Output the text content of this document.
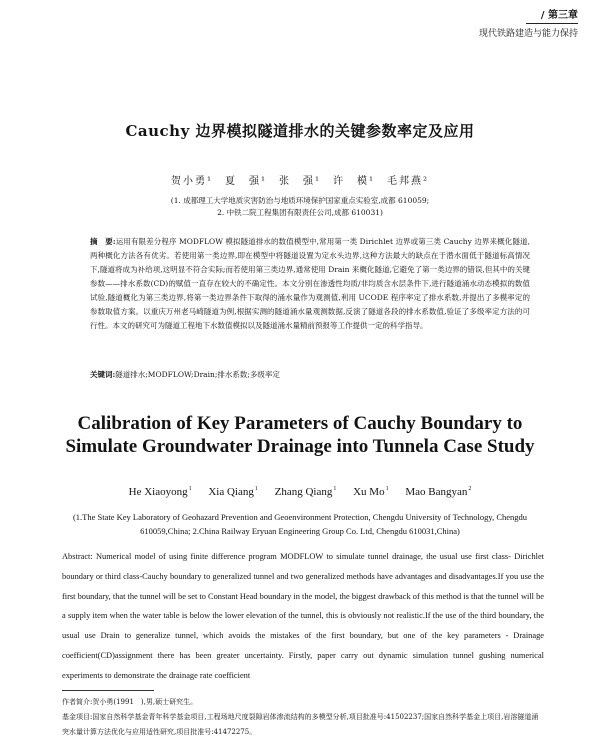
/ 第三章
现代铁路建造与能力保持
Cauchy 边界模拟隧道排水的关键参数率定及应用
贺小勇¹　夏　强¹　张　强¹　许　模¹　毛邦燕²
(1. 成都理工大学地质灾害防治与地质环境保护国家重点实验室,成都 610059;
2. 中铁二院工程集团有限责任公司,成都 610031)
摘　要:运用有限差分程序 MODFLOW 模拟隧道排水的数值模型中,常用第一类 Dirichlet 边界或第三类 Cauchy 边界来概化隧道,两种概化方法各有优劣。若使用第一类边界,即在模型中将隧道设置为定水头边界,这种方法最大的缺点在于潜水面低于隧道标高情况下,隧道将成为补给项,这明显不符合实际;而若使用第三类边界,通常使用 Drain 来概化隧道,它避免了第一类边界的错误,但其中的关键参数——排水系数(CD)的赋值一直存在较大的不确定性。本文分别在渗透性均质/非均质含水层条件下,进行隧道涌水动态模拟的数值试验,隧道概化为第三类边界,将第一类边界条件下取得的涌水量作为观测值,利用 UCODE 程序率定了排水系数,并提出了多模率定的参数取值方案。以重庆万州老马崎隧道为例,根据实测的隧道涌水量观测数据,反演了隧道各段的排水系数值,验证了多级率定方法的可行性。本文的研究可为隧道工程地下水数值模拟以及隧道涌水量精前预报等工作提供一定的科学指导。
关键词:隧道排水;MODFLOW;Drain;排水系数;多级率定
Calibration of Key Parameters of Cauchy Boundary to
Simulate Groundwater Drainage into Tunnela Case Study
He Xiaoyong$^1$ Xia Qiang$^1$ Zhang Qiang$^1$ Xu Mo$^1$ Mao Bangyan$^2$
(1.The State Key Laboratory of Geohazard Prevention and Geoenvironment Protection, Chengdu University of Technology, Chengdu
610059,China; 2.China Railway Eryuan Engineering Group Co. Ltd, Chengdu 610031,China)
Abstract: Numerical model of using finite difference program MODFLOW to simulate tunnel drainage, the usual use first class- Dirichlet boundary or third class-Cauchy boundary to generalized tunnel and two generalized methods have advantages and disadvantages.If you use the first boundary, that the tunnel will be set to Constant Head boundary in the model, the biggest drawback of this method is that the tunnel will be a supply item when the water table is below the lower elevation of the tunnel, this is obviously not realistic.If the use of the third boundary, the usual use Drain to generalize tunnel, which avoids the mistakes of the first boundary, but one of the key parameters - Drainage coefficient(CD)assignment there has been greater uncertainty. Firstly, paper carry out dynamic simulation tunnel gushing numerical experiments to demonstrate the drainage rate coefficient
作者简介:贺小勇(1991　),男,硕士研究生。
基金项目:国家自然科学基金青年科学基金项目,工程场地尺度裂隙岩体渗流结构的多模型分析,项目批准号:41502237;国家自然科学基金上项目,岩溶隧道涌突水量计算方法优化与应用适性研究,项目批准号:41472275。
